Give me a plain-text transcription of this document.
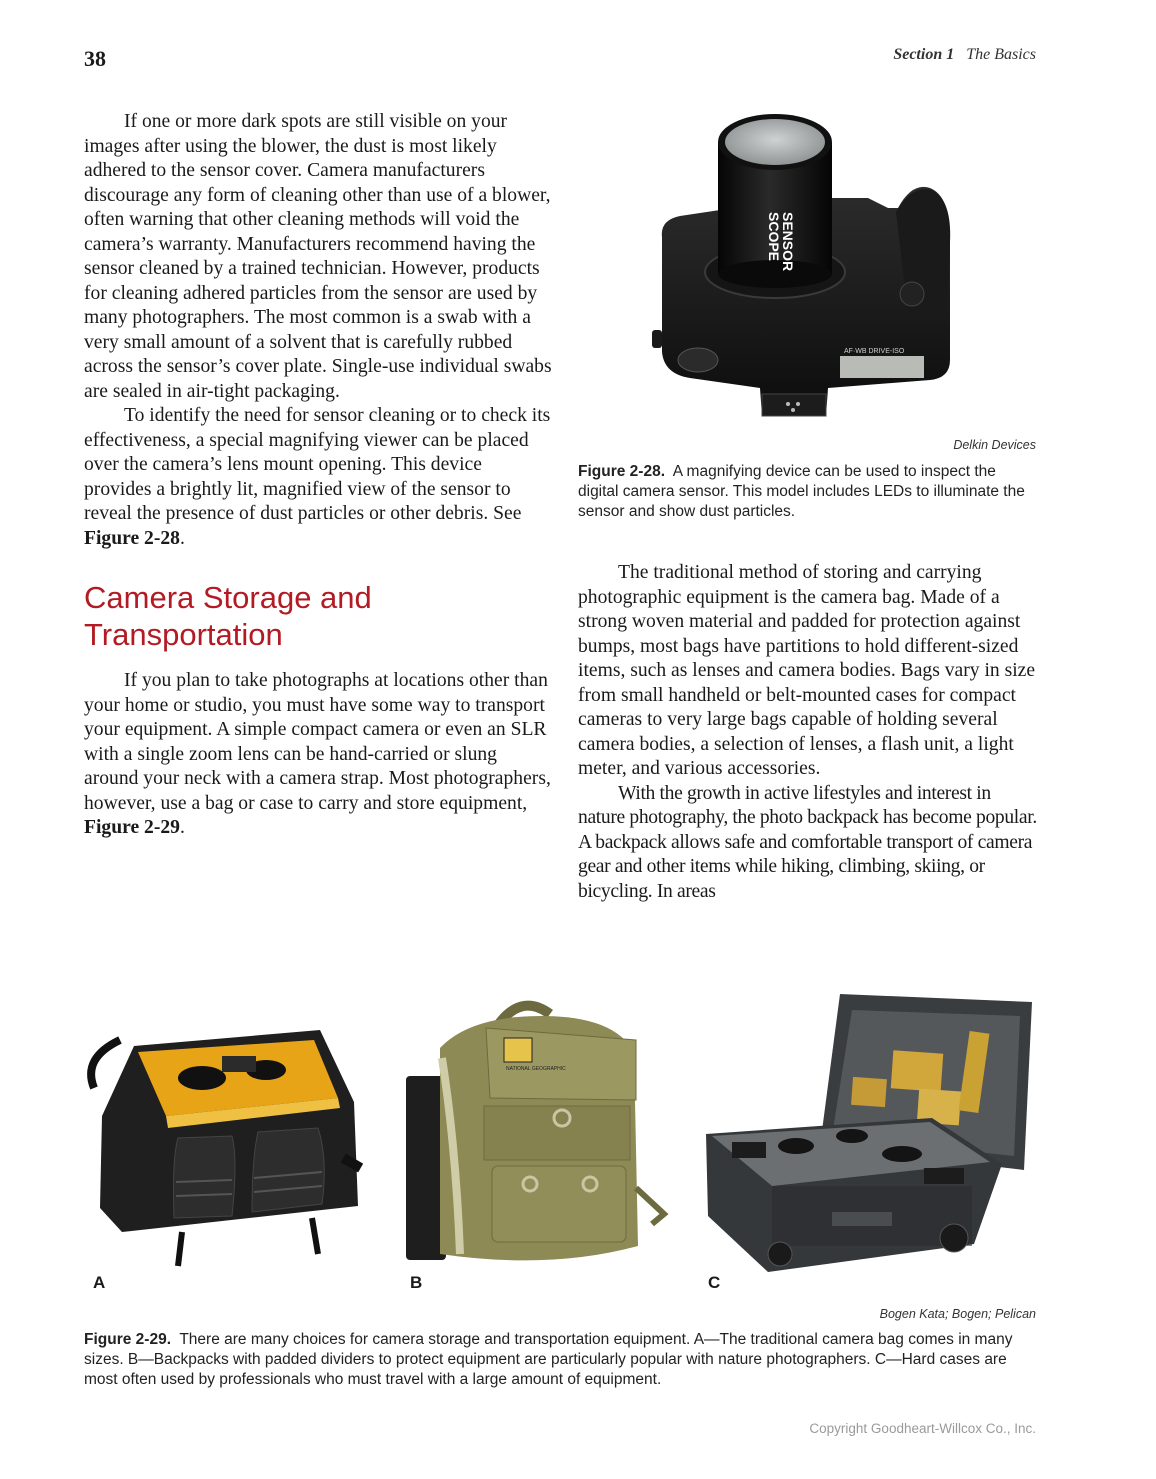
38	Section 1 The Basics

If one or more dark spots are still visible on your images after using the blower, the dust is most likely adhered to the sensor cover. Camera manufacturers discourage any form of cleaning other than use of a blower, often warning that other cleaning methods will void the camera’s warranty. Manufacturers recommend having the sensor cleaned by a trained technician. However, products for cleaning adhered particles from the sensor are used by many photographers. The most common is a swab with a very small amount of a solvent that is carefully rubbed across the sensor’s cover plate. Single-use individual swabs are sealed in air-tight packaging.

To identify the need for sensor cleaning or to check its effectiveness, a special magnifying viewer can be placed over the camera’s lens mount opening. This device provides a brightly lit, magnified view of the sensor to reveal the presence of dust particles or other debris. See Figure 2-28.

Camera Storage and Transportation

If you plan to take photographs at locations other than your home or studio, you must have some way to transport your equipment. A simple compact camera or even an SLR with a single zoom lens can be hand-carried or slung around your neck with a camera strap. Most photographers, however, use a bag or case to carry and store equipment, Figure 2-29.

SENSOR
SCOPE
AF·WB DRIVE-ISO
Delkin Devices
Figure 2-28. A magnifying device can be used to inspect the digital camera sensor. This model includes LEDs to illuminate the sensor and show dust particles.

The traditional method of storing and carrying photographic equipment is the camera bag. Made of a strong woven material and padded for protection against bumps, most bags have partitions to hold different-sized items, such as lenses and camera bodies. Bags vary in size from small handheld or belt-mounted cases for compact cameras to very large bags capable of holding several camera bodies, a selection of lenses, a flash unit, a light meter, and various accessories.

With the growth in active lifestyles and interest in nature photography, the photo backpack has become popular. A backpack allows safe and comfortable transport of camera gear and other items while hiking, climbing, skiing, or bicycling. In areas

A
NATIONAL GEOGRAPHIC
B	C
Bogen Kata; Bogen; Pelican
Figure 2-29. There are many choices for camera storage and transportation equipment. A—The traditional camera bag comes in many sizes. B—Backpacks with padded dividers to protect equipment are particularly popular with nature photographers. C—Hard cases are most often used by professionals who must travel with a large amount of equipment.
Copyright Goodheart-Willcox Co., Inc.
